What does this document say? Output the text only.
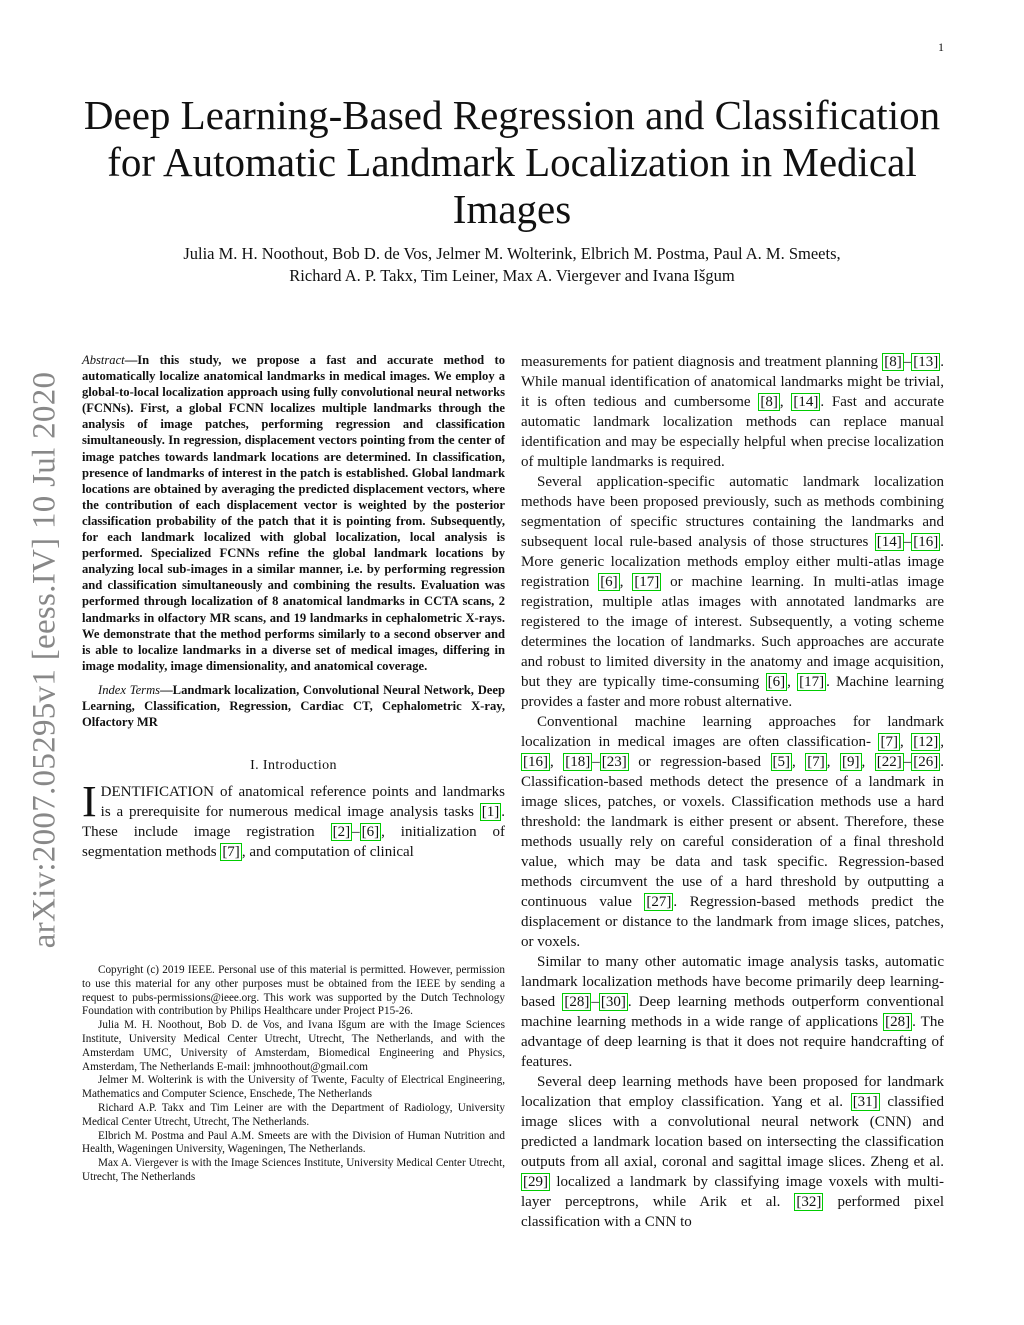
1
arXiv:2007.05295v1 [eess.IV] 10 Jul 2020
Deep Learning-Based Regression and Classification for Automatic Landmark Localization in Medical Images
Julia M. H. Noothout, Bob D. de Vos, Jelmer M. Wolterink, Elbrich M. Postma, Paul A. M. Smeets,
Richard A. P. Takx, Tim Leiner, Max A. Viergever and Ivana Išgum

Abstract—In this study, we propose a fast and accurate method to automatically localize anatomical landmarks in medical images. We employ a global-to-local localization approach using fully convolutional neural networks (FCNNs). First, a global FCNN localizes multiple landmarks through the analysis of image patches, performing regression and classification simultaneously. In regression, displacement vectors pointing from the center of image patches towards landmark locations are determined. In classification, presence of landmarks of interest in the patch is established. Global landmark locations are obtained by averaging the predicted displacement vectors, where the contribution of each displacement vector is weighted by the posterior classification probability of the patch that it is pointing from. Subsequently, for each landmark localized with global localization, local analysis is performed. Specialized FCNNs refine the global landmark locations by analyzing local sub-images in a similar manner, i.e. by performing regression and classification simultaneously and combining the results. Evaluation was performed through localization of 8 anatomical landmarks in CCTA scans, 2 landmarks in olfactory MR scans, and 19 landmarks in cephalometric X-rays. We demonstrate that the method performs similarly to a second observer and is able to localize landmarks in a diverse set of medical images, differing in image modality, image dimensionality, and anatomical coverage.

Index Terms—Landmark localization, Convolutional Neural Network, Deep Learning, Classification, Regression, Cardiac CT, Cephalometric X-ray, Olfactory MR

I. Introduction

IDENTIFICATION of anatomical reference points and landmarks is a prerequisite for numerous medical image analysis tasks [1] . These include image registration [2] – [6] , initialization of segmentation methods [7] , and computation of clinical

Copyright (c) 2019 IEEE. Personal use of this material is permitted. However, permission to use this material for any other purposes must be obtained from the IEEE by sending a request to pubs-permissions@ieee.org. This work was supported by the Dutch Technology Foundation with contribution by Philips Healthcare under Project P15-26.

Julia M. H. Noothout, Bob D. de Vos, and Ivana Išgum are with the Image Sciences Institute, University Medical Center Utrecht, Utrecht, The Netherlands, and with the Amsterdam UMC, University of Amsterdam, Biomedical Engineering and Physics, Amsterdam, The Netherlands E-mail: jmhnoothout@gmail.com

Jelmer M. Wolterink is with the University of Twente, Faculty of Electrical Engineering, Mathematics and Computer Science, Enschede, The Netherlands

Richard A.P. Takx and Tim Leiner are with the Department of Radiology, University Medical Center Utrecht, Utrecht, The Netherlands.

Elbrich M. Postma and Paul A.M. Smeets are with the Division of Human Nutrition and Health, Wageningen University, Wageningen, The Netherlands.

Max A. Viergever is with the Image Sciences Institute, University Medical Center Utrecht, Utrecht, The Netherlands

measurements for patient diagnosis and treatment planning [8] – [13] . While manual identification of anatomical landmarks might be trivial, it is often tedious and cumbersome [8] , [14] . Fast and accurate automatic landmark localization methods can replace manual identification and may be especially helpful when precise localization of multiple landmarks is required.

Several application-specific automatic landmark localization methods have been proposed previously, such as methods combining segmentation of specific structures containing the landmarks and subsequent local rule-based analysis of those structures [14] – [16] . More generic localization methods employ either multi-atlas image registration [6] , [17] or machine learning. In multi-atlas image registration, multiple atlas images with annotated landmarks are registered to the image of interest. Subsequently, a voting scheme determines the location of landmarks. Such approaches are accurate and robust to limited diversity in the anatomy and image acquisition, but they are typically time-consuming [6] , [17] . Machine learning provides a faster and more robust alternative.

Conventional machine learning approaches for landmark localization in medical images are often classification- [7] , [12] , [16] , [18] – [23] or regression-based [5] , [7] , [9] , [22] – [26] . Classification-based methods detect the presence of a landmark in image slices, patches, or voxels. Classification methods use a hard threshold: the landmark is either present or absent. Therefore, these methods usually rely on careful consideration of a final threshold value, which may be data and task specific. Regression-based methods circumvent the use of a hard threshold by outputting a continuous value [27] . Regression-based methods predict the displacement or distance to the landmark from image slices, patches, or voxels.

Similar to many other automatic image analysis tasks, automatic landmark localization methods have become primarily deep learning-based [28] – [30] . Deep learning methods outperform conventional machine learning methods in a wide range of applications [28] . The advantage of deep learning is that it does not require handcrafting of features.

Several deep learning methods have been proposed for landmark localization that employ classification. Yang et al. [31] classified image slices with a convolutional neural network (CNN) and predicted a landmark location based on intersecting the classification outputs from all axial, coronal and sagittal image slices. Zheng et al. [29] localized a landmark by classifying image voxels with multi-layer perceptrons, while Arik et al. [32] performed pixel classification with a CNN to
